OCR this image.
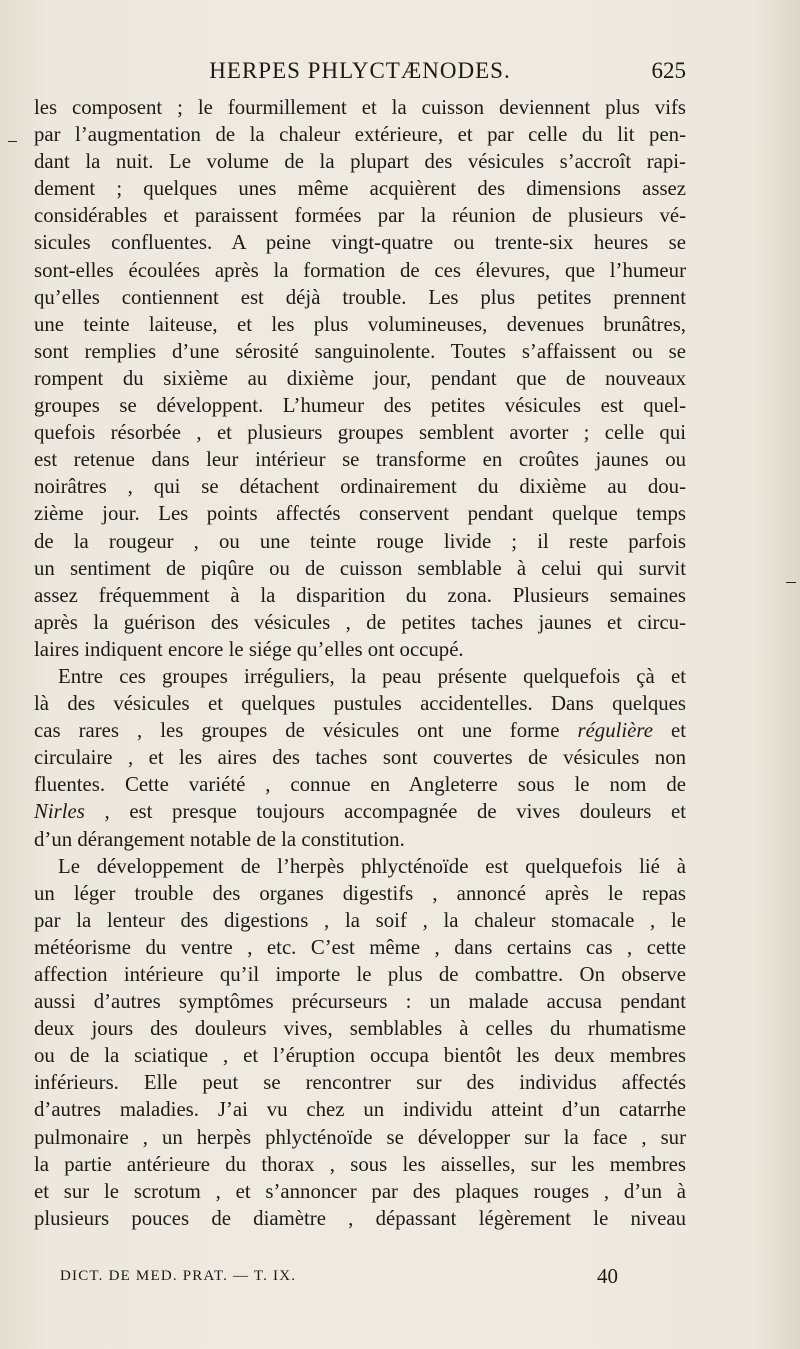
HERPES PHLYCTÆNODES.	625
les composent ; le fourmillement et la cuisson deviennent plus vifs
par l’augmentation de la chaleur extérieure, et par celle du lit pen-
dant la nuit. Le volume de la plupart des vésicules s’accroît rapi-
dement ; quelques unes même acquièrent des dimensions assez
considérables et paraissent formées par la réunion de plusieurs vé-
sicules confluentes. A peine vingt-quatre ou trente-six heures se
sont-elles écoulées après la formation de ces élevures, que l’humeur
qu’elles contiennent est déjà trouble. Les plus petites prennent
une teinte laiteuse, et les plus volumineuses, devenues brunâtres,
sont remplies d’une sérosité sanguinolente. Toutes s’affaissent ou se
rompent du sixième au dixième jour, pendant que de nouveaux
groupes se développent. L’humeur des petites vésicules est quel-
quefois résorbée , et plusieurs groupes semblent avorter ; celle qui
est retenue dans leur intérieur se transforme en croûtes jaunes ou
noirâtres , qui se détachent ordinairement du dixième au dou-
zième jour. Les points affectés conservent pendant quelque temps
de la rougeur , ou une teinte rouge livide ; il reste parfois
un sentiment de piqûre ou de cuisson semblable à celui qui survit
assez fréquemment à la disparition du zona. Plusieurs semaines
après la guérison des vésicules , de petites taches jaunes et circu-
laires indiquent encore le siége qu’elles ont occupé.
Entre ces groupes irréguliers, la peau présente quelquefois çà et
là des vésicules et quelques pustules accidentelles. Dans quelques
cas rares , les groupes de vésicules ont une forme régulière et
circulaire , et les aires des taches sont couvertes de vésicules non
fluentes. Cette variété , connue en Angleterre sous le nom de
Nirles , est presque toujours accompagnée de vives douleurs et
d’un dérangement notable de la constitution.
Le développement de l’herpès phlycténoïde est quelquefois lié à
un léger trouble des organes digestifs , annoncé après le repas
par la lenteur des digestions , la soif , la chaleur stomacale , le
météorisme du ventre , etc. C’est même , dans certains cas , cette
affection intérieure qu’il importe le plus de combattre. On observe
aussi d’autres symptômes précurseurs : un malade accusa pendant
deux jours des douleurs vives, semblables à celles du rhumatisme
ou de la sciatique , et l’éruption occupa bientôt les deux membres
inférieurs. Elle peut se rencontrer sur des individus affectés
d’autres maladies. J’ai vu chez un individu atteint d’un catarrhe
pulmonaire , un herpès phlycténoïde se développer sur la face , sur
la partie antérieure du thorax , sous les aisselles, sur les membres
et sur le scrotum , et s’annoncer par des plaques rouges , d’un à
plusieurs pouces de diamètre , dépassant légèrement le niveau
DICT. DE MED. PRAT. — T. IX.	40
